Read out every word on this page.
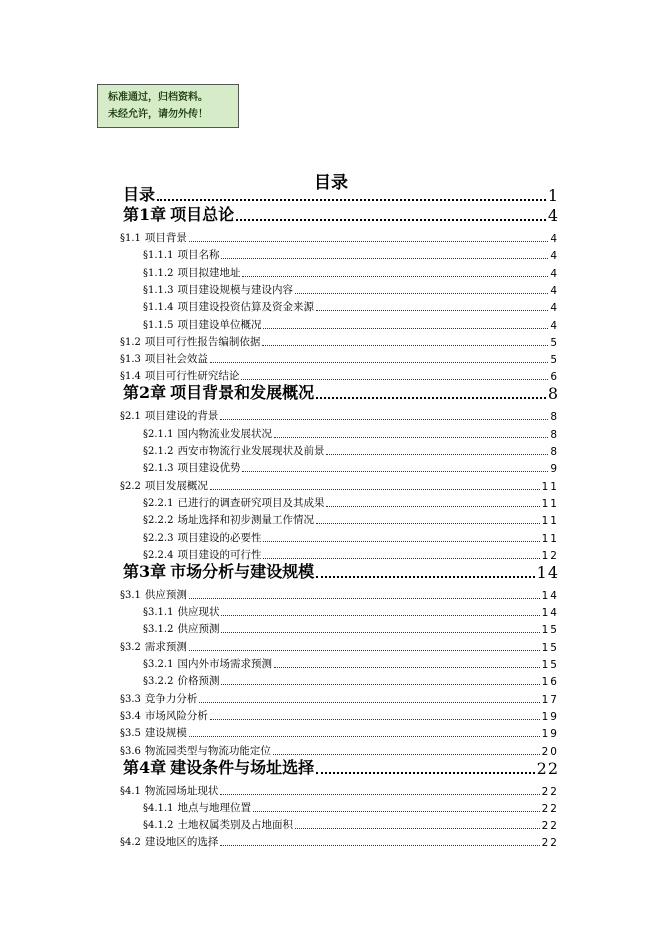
标准通过，归档资料。
未经允许，请勿外传！
目录
目录	1
第1章 项目总论	4
§1.1 项目背景	4
§1.1.1 项目名称	4
§1.1.2 项目拟建地址	4
§1.1.3 项目建设规模与建设内容	4
§1.1.4 项目建设投资估算及资金来源	4
§1.1.5 项目建设单位概况	4
§1.2 项目可行性报告编制依据	5
§1.3 项目社会效益	5
§1.4 项目可行性研究结论	6
第2章 项目背景和发展概况	8
§2.1 项目建设的背景	8
§2.1.1 国内物流业发展状况	8
§2.1.2 西安市物流行业发展现状及前景	8
§2.1.3 项目建设优势	9
§2.2 项目发展概况	11
§2.2.1 已进行的调查研究项目及其成果	11
§2.2.2 场址选择和初步测量工作情况	11
§2.2.3 项目建设的必要性	11
§2.2.4 项目建设的可行性	12
第3章 市场分析与建设规模	14
§3.1 供应预测	14
§3.1.1 供应现状	14
§3.1.2 供应预测	15
§3.2 需求预测	15
§3.2.1 国内外市场需求预测	15
§3.2.2 价格预测	16
§3.3 竞争力分析	17
§3.4 市场风险分析	19
§3.5 建设规模	19
§3.6 物流园类型与物流功能定位	20
第4章 建设条件与场址选择	22
§4.1 物流园场址现状	22
§4.1.1 地点与地理位置	22
§4.1.2 土地权属类别及占地面积	22
§4.2 建设地区的选择	22
